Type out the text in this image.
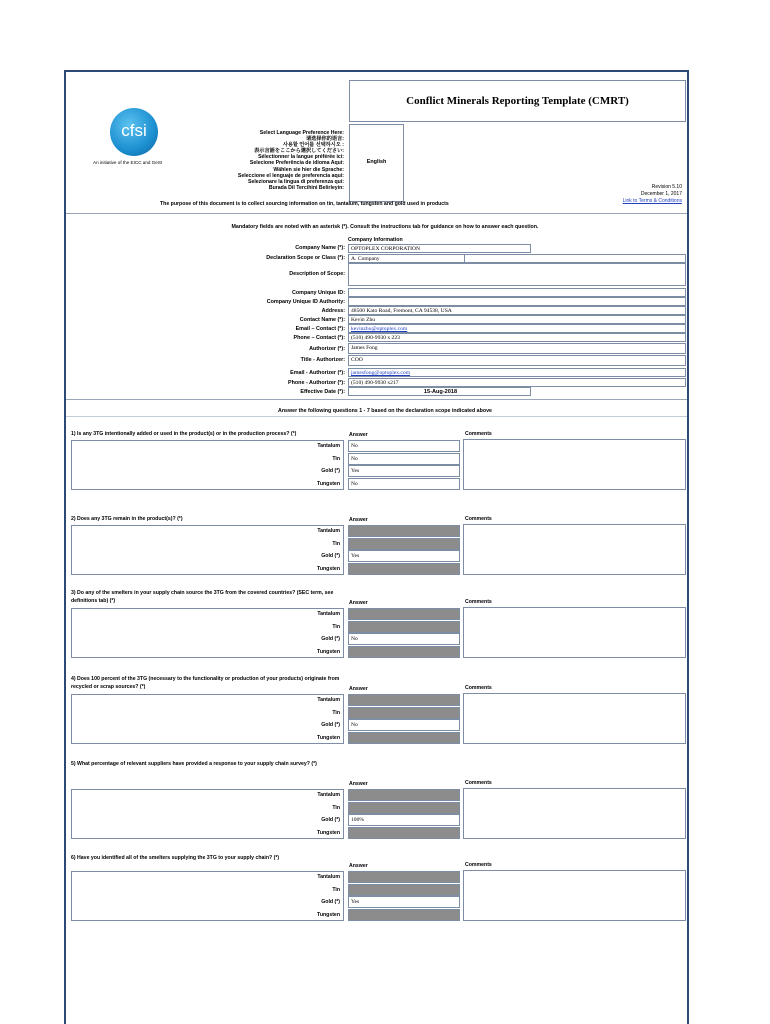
Conflict Minerals Reporting Template (CMRT)
cfsi
An initiative of the EICC and GeSI
Select Language Preference Here:
请选择你的语言:
사용할 언어를 선택하시오 :
表示言語をここから選択してください:
Sélectionner la langue préférée ici:
Selecione Preferência de idioma Aqui:
Wählen sie hier die Sprache:
Seleccione el lenguaje de preferencia aqui:
Selezionare la lingua di preferenza qui:
Burada Dil Tercihini Belirleyin:
English
Revision 5.10
December 1, 2017
Link to Terms & Conditions
The purpose of this document is to collect sourcing information on tin, tantalum, tungsten and gold used in products
Mandatory fields are noted with an asterisk (*). Consult the instructions tab for guidance on how to answer each question.
Company Information
Company Name (*):	OPTOPLEX CORPORATION
Declaration Scope or Class (*):	A. Company
Description of Scope:
Company Unique ID:
Company Unique ID Authority:
Address:	48500 Kato Road, Fremont, CA 94538, USA
Contact Name (*):	Kevin Zhu
Email – Contact (*):	kevinzhu@optoplex.com
Phone – Contact (*):	(510) 490-9930 x 223
Authorizer (*):	James Fong
Title - Authorizer:	COO
Email - Authorizer (*):	jamesfong@optoplex.com
Phone - Authorizer (*):	(510) 490-9930 x217
Effective Date (*):	15-Aug-2018
Answer the following questions 1 - 7 based on the declaration scope indicated above
1) Is any 3TG intentionally added or used in the product(s) or in the production process? (*)	Answer	Comments
Tantalum	No
Tin	No
Gold (*)	Yes
Tungsten	No
2) Does any 3TG remain in the product(s)? (*)	Answer	Comments
Tantalum
Tin
Gold (*)	Yes
Tungsten
3) Do any of the smelters in your supply chain source the 3TG from the covered countries? (SEC term, see definitions tab) (*)	Answer	Comments
Tantalum
Tin
Gold (*)	No
Tungsten
4) Does 100 percent of the 3TG (necessary to the functionality or production of your products) originate from recycled or scrap sources? (*)	Answer	Comments
Tantalum
Tin
Gold (*)	No
Tungsten
5) What percentage of relevant suppliers have provided a response to your supply chain survey? (*)
Answer	Comments
Tantalum
Tin
Gold (*)	100%
Tungsten
6) Have you identified all of the smelters supplying the 3TG to your supply chain? (*)
Answer	Comments
Tantalum
Tin
Gold (*)	Yes
Tungsten
